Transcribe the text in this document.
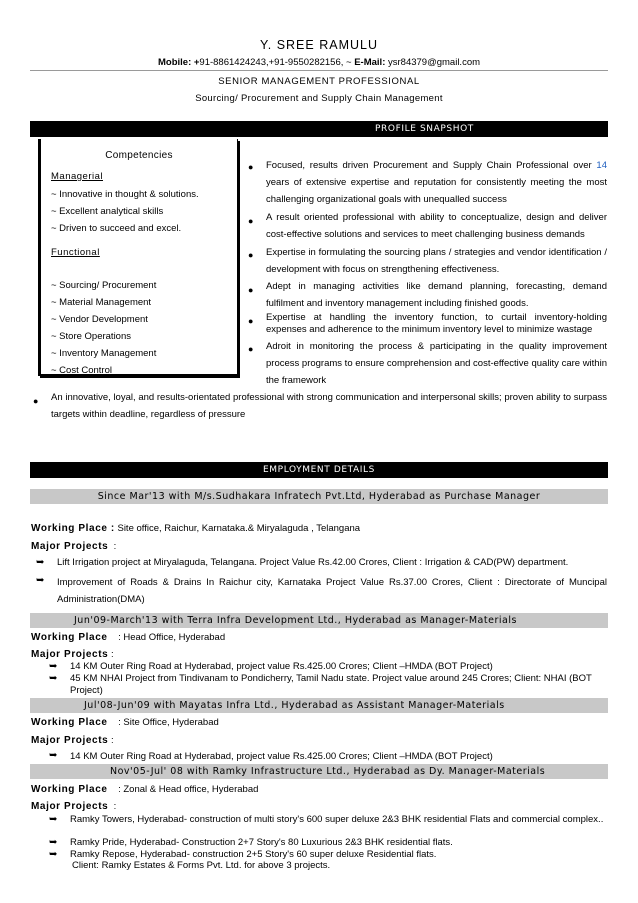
Y. SREE RAMULU
Mobile: +91-8861424243,+91-9550282156, ~ E-Mail: ysr84379@gmail.com
SENIOR MANAGEMENT PROFESSIONAL
Sourcing/ Procurement and Supply Chain Management
PROFILE SNAPSHOT
Competencies
Managerial
~ Innovative in thought & solutions.
~ Excellent analytical skills
~ Driven to succeed and excel.
Functional
~ Sourcing/ Procurement
~ Material Management
~ Vendor Development
~ Store Operations
~ Inventory Management
~ Cost Control
● Focused, results driven Procurement and Supply Chain Professional over 14 years of extensive expertise and reputation for consistently meeting the most challenging organizational goals with unequalled success
● A result oriented professional with ability to conceptualize, design and deliver cost-effective solutions and services to meet challenging business demands
● Expertise in formulating the sourcing plans / strategies and vendor identification / development with focus on strengthening effectiveness.
● Adept in managing activities like demand planning, forecasting, demand fulfilment and inventory management including finished goods.
● Expertise at handling the inventory function, to curtail inventory-holding expenses and adherence to the minimum inventory level to minimize wastage
● Adroit in monitoring the process & participating in the quality improvement process programs to ensure comprehension and cost-effective quality care within the framework
● An innovative, loyal, and results-orientated professional with strong communication and interpersonal skills; proven ability to surpass targets within deadline, regardless of pressure
EMPLOYMENT DETAILS
Since Mar'13 with M/s.Sudhakara Infratech Pvt.Ltd, Hyderabad as Purchase Manager
Working Place : Site office, Raichur, Karnataka.& Miryalaguda , Telangana
Major Projects :
➥ Lift Irrigation project at Miryalaguda, Telangana. Project Value Rs.42.00 Crores, Client : Irrigation & CAD(PW) department.
➥ Improvement of Roads & Drains In Raichur city, Karnataka Project Value Rs.37.00 Crores, Client : Directorate of Muncipal Administration(DMA)
Jun'09-March'13 with Terra Infra Development Ltd., Hyderabad as Manager-Materials
Working Place : Head Office, Hyderabad
Major Projects :
➥ 14 KM Outer Ring Road at Hyderabad, project value Rs.425.00 Crores; Client –HMDA (BOT Project)
➥ 45 KM NHAI Project from Tindivanam to Pondicherry, Tamil Nadu state. Project value around 245 Crores; Client: NHAI (BOT Project)
Jul'08-Jun'09 with Mayatas Infra Ltd., Hyderabad as Assistant Manager-Materials
Working Place : Site Office, Hyderabad
Major Projects :
➥ 14 KM Outer Ring Road at Hyderabad, project value Rs.425.00 Crores; Client –HMDA (BOT Project)
Nov'05-Jul' 08 with Ramky Infrastructure Ltd., Hyderabad as Dy. Manager-Materials
Working Place : Zonal & Head office, Hyderabad
Major Projects :
➥ Ramky Towers, Hyderabad- construction of multi story's 600 super deluxe 2&3 BHK residential Flats and commercial complex..
➥ Ramky Pride, Hyderabad- Construction 2+7 Story's 80 Luxurious 2&3 BHK residential flats.
➥ Ramky Repose, Hyderabad- construction 2+5 Story's 60 super deluxe Residential flats.
Client: Ramky Estates & Forms Pvt. Ltd. for above 3 projects.
